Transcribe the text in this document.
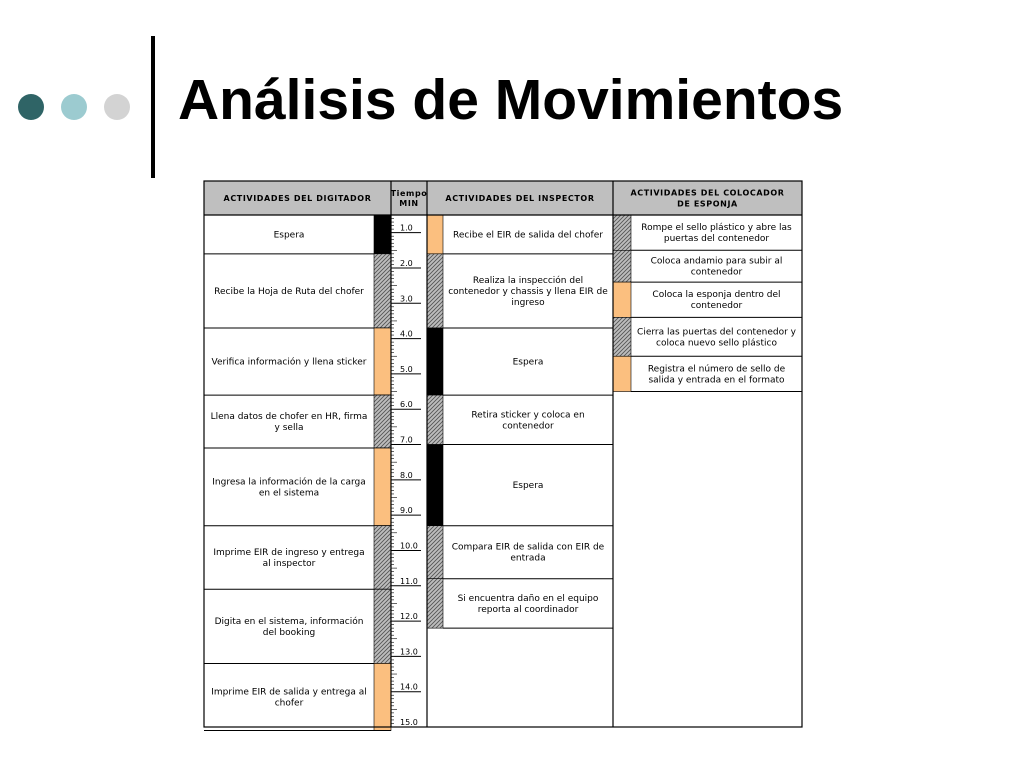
Análisis de Movimientos
ACTIVIDADES DEL DIGITADOR	ACTIVIDADES DEL INSPECTOR
ACTIVIDADES DEL COLOCADOR DE ESPONJA
Tiempo MIN
Espera
Recibe la Hoja de Ruta del chofer
Verifica información y llena sticker
Llena datos de chofer en HR, firma y sella
Ingresa la información de la carga en el sistema
Imprime EIR de ingreso y entrega al inspector
Digita en el sistema, información del booking
Imprime EIR de salida y entrega al chofer
Recibe el EIR de salida del chofer
Realiza la inspección del contenedor y chassis y llena EIR de ingreso
Espera
Retira sticker y coloca en contenedor
Espera
Compara EIR de salida con EIR de entrada
Si encuentra daño en el equipo reporta al coordinador
Rompe el sello plástico y abre las puertas del contenedor
Coloca andamio para subir al contenedor
Coloca la esponja dentro del contenedor
Cierra las puertas del contenedor y coloca nuevo sello plástico
Registra el número de sello de salida y entrada en el formato
1.0
2.0
3.0
4.0
5.0
6.0
7.0
8.0
9.0
10.0
11.0
12.0
13.0
14.0
15.0
